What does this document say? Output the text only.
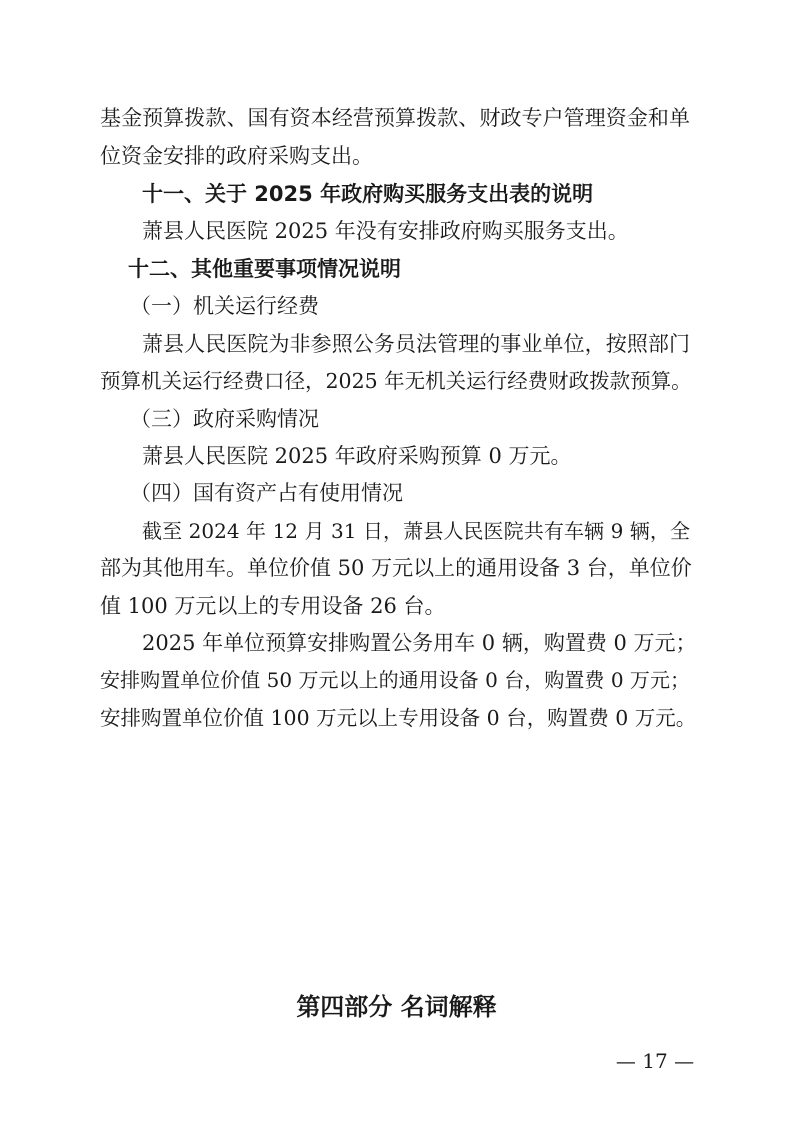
基金预算拨款、国有资本经营预算拨款、财政专户管理资金和单
位资金安排的政府采购支出。
十一、关于 2025 年政府购买服务支出表的说明
萧县人民医院 2025 年没有安排政府购买服务支出。
十二、其他重要事项情况说明
（一）机关运行经费
萧县人民医院为非参照公务员法管理的事业单位，按照部门
预算机关运行经费口径，2025 年无机关运行经费财政拨款预算。
（三）政府采购情况
萧县人民医院 2025 年政府采购预算 0 万元。
（四）国有资产占有使用情况
截至 2024 年 12 月 31 日，萧县人民医院共有车辆 9 辆，全
部为其他用车。单位价值 50 万元以上的通用设备 3 台，单位价
值 100 万元以上的专用设备 26 台。
2025 年单位预算安排购置公务用车 0 辆，购置费 0 万元；
安排购置单位价值 50 万元以上的通用设备 0 台，购置费 0 万元；
安排购置单位价值 100 万元以上专用设备 0 台，购置费 0 万元。
第四部分 名词解释
— 17 —
